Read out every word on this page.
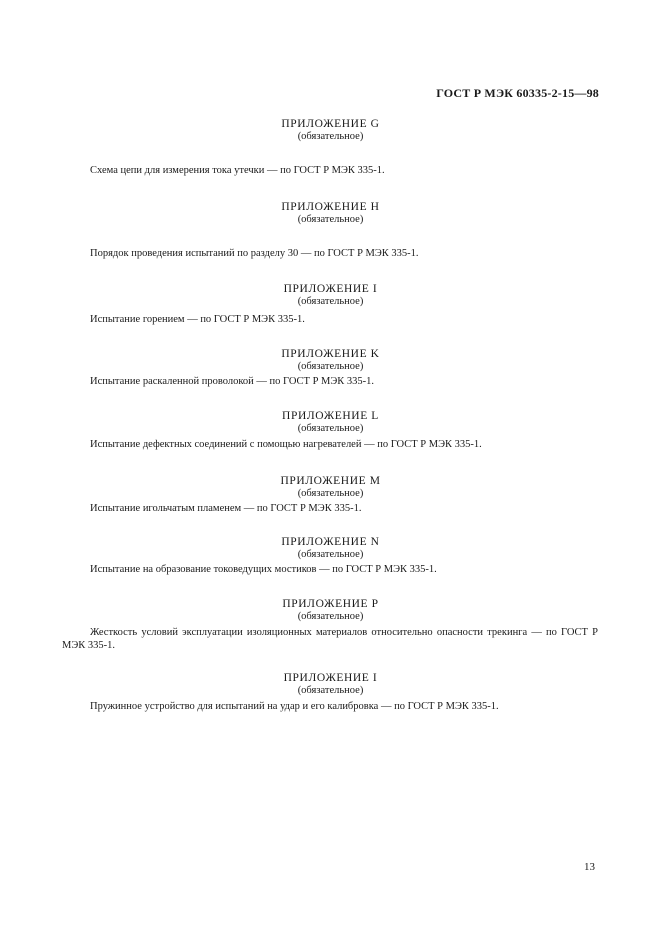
ГОСТ Р МЭК 60335-2-15—98
ПРИЛОЖЕНИЕ G
(обязательное)
Схема цепи для измерения тока утечки — по ГОСТ Р МЭК 335-1.
ПРИЛОЖЕНИЕ H
(обязательное)
Порядок проведения испытаний по разделу 30 — по ГОСТ Р МЭК 335-1.
ПРИЛОЖЕНИЕ I
(обязательное)
Испытание горением — по ГОСТ Р МЭК 335-1.
ПРИЛОЖЕНИЕ K
(обязательное)
Испытание раскаленной проволокой — по ГОСТ Р МЭК 335-1.
ПРИЛОЖЕНИЕ L
(обязательное)
Испытание дефектных соединений с помощью нагревателей — по ГОСТ Р МЭК 335-1.
ПРИЛОЖЕНИЕ M
(обязательное)
Испытание игольчатым пламенем — по ГОСТ Р МЭК 335-1.
ПРИЛОЖЕНИЕ N
(обязательное)
Испытание на образование токоведущих мостиков — по ГОСТ Р МЭК 335-1.
ПРИЛОЖЕНИЕ P
(обязательное)
Жесткость условий эксплуатации изоляционных материалов относительно опасности трекинга — по ГОСТ Р МЭК 335-1.
ПРИЛОЖЕНИЕ I
(обязательное)
Пружинное устройство для испытаний на удар и его калибровка — по ГОСТ Р МЭК 335-1.
13
